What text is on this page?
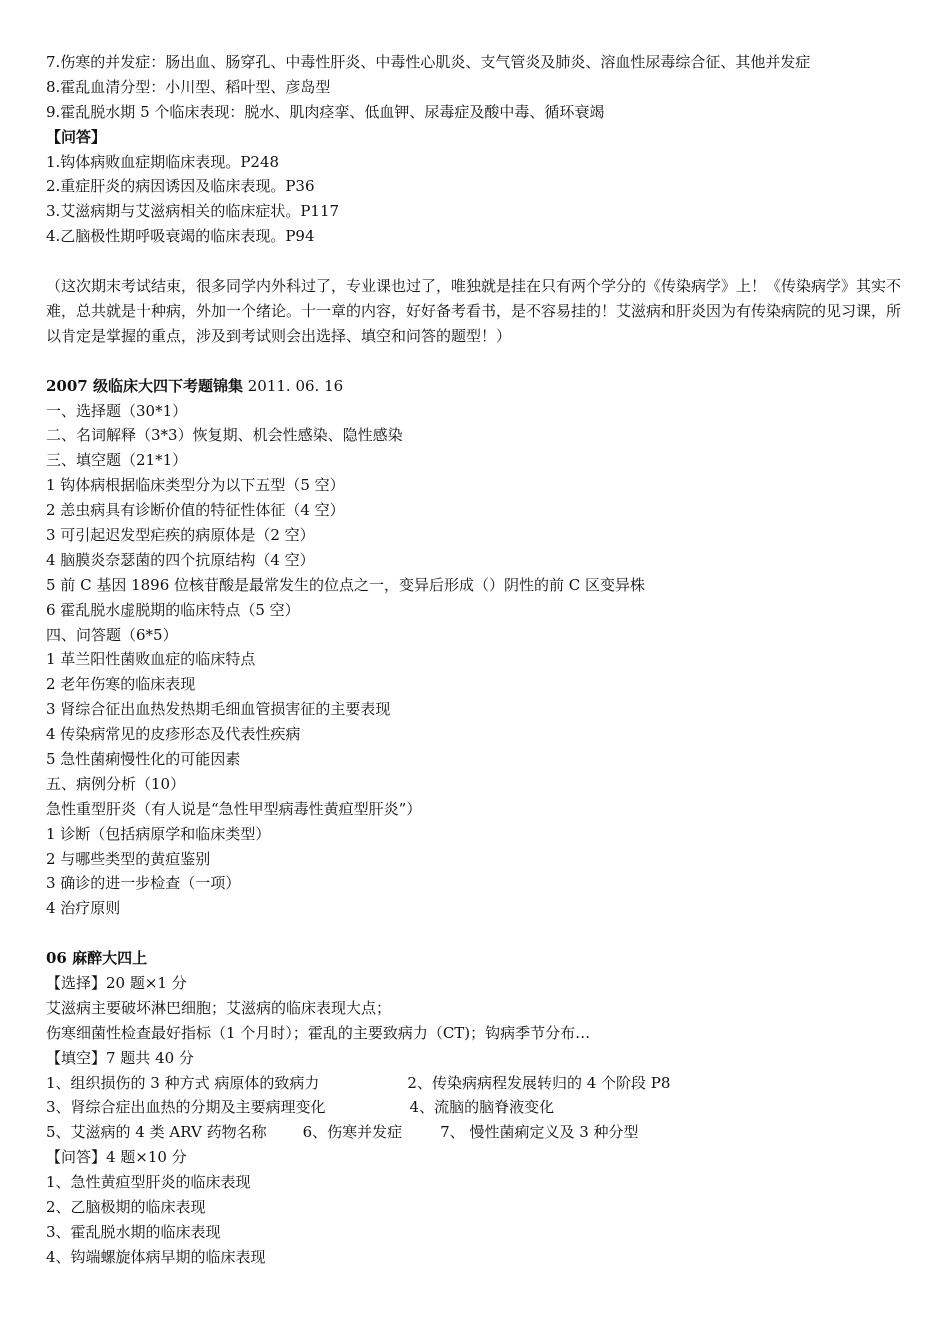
7.伤寒的并发症：肠出血、肠穿孔、中毒性肝炎、中毒性心肌炎、支气管炎及肺炎、溶血性尿毒综合征、其他并发症
8.霍乱血清分型：小川型、稻叶型、彦岛型
9.霍乱脱水期 5 个临床表现：脱水、肌肉痉挛、低血钾、尿毒症及酸中毒、循环衰竭
【问答】
1.钩体病败血症期临床表现。P248
2.重症肝炎的病因诱因及临床表现。P36
3.艾滋病期与艾滋病相关的临床症状。P117
4.乙脑极性期呼吸衰竭的临床表现。P94
（这次期末考试结束，很多同学内外科过了，专业课也过了，唯独就是挂在只有两个学分的《传染病学》上！《传染病学》其实不难，总共就是十种病，外加一个绪论。十一章的内容，好好备考看书，是不容易挂的！艾滋病和肝炎因为有传染病院的见习课，所以肯定是掌握的重点，涉及到考试则会出选择、填空和问答的题型！）
2007 级临床大四下考题锦集 2011. 06. 16
一、选择题（30*1）
二、名词解释（3*3）恢复期、机会性感染、隐性感染
三、填空题（21*1）
1 钩体病根据临床类型分为以下五型（5 空）
2 恙虫病具有诊断价值的特征性体征（4 空）
3 可引起迟发型疟疾的病原体是（2 空）
4 脑膜炎奈瑟菌的四个抗原结构（4 空）
5 前 C 基因 1896 位核苷酸是最常发生的位点之一，变异后形成（）阴性的前 C 区变异株
6 霍乱脱水虚脱期的临床特点（5 空）
四、问答题（6*5）
1 革兰阳性菌败血症的临床特点
2 老年伤寒的临床表现
3 肾综合征出血热发热期毛细血管损害征的主要表现
4 传染病常见的皮疹形态及代表性疾病
5 急性菌痢慢性化的可能因素
五、病例分析（10）
急性重型肝炎（有人说是“急性甲型病毒性黄疸型肝炎”）
1 诊断（包括病原学和临床类型）
2 与哪些类型的黄疸鉴别
3 确诊的进一步检查（一项）
4 治疗原则
06 麻醉大四上
【选择】20 题×1 分
艾滋病主要破坏淋巴细胞；艾滋病的临床表现大点；
伤寒细菌性检查最好指标（1 个月时）；霍乱的主要致病力（CT)；钩病季节分布…
【填空】7 题共 40 分
1、组织损伤的 3 种方式 病原体的致病力	2、传染病病程发展转归的 4 个阶段 P8
3、肾综合症出血热的分期及主要病理变化	4、流脑的脑脊液变化
5、艾滋病的 4 类 ARV 药物名称 6、伤寒并发症	7、 慢性菌痢定义及 3 种分型
【问答】4 题×10 分
1、急性黄疸型肝炎的临床表现
2、乙脑极期的临床表现
3、霍乱脱水期的临床表现
4、钩端螺旋体病早期的临床表现
